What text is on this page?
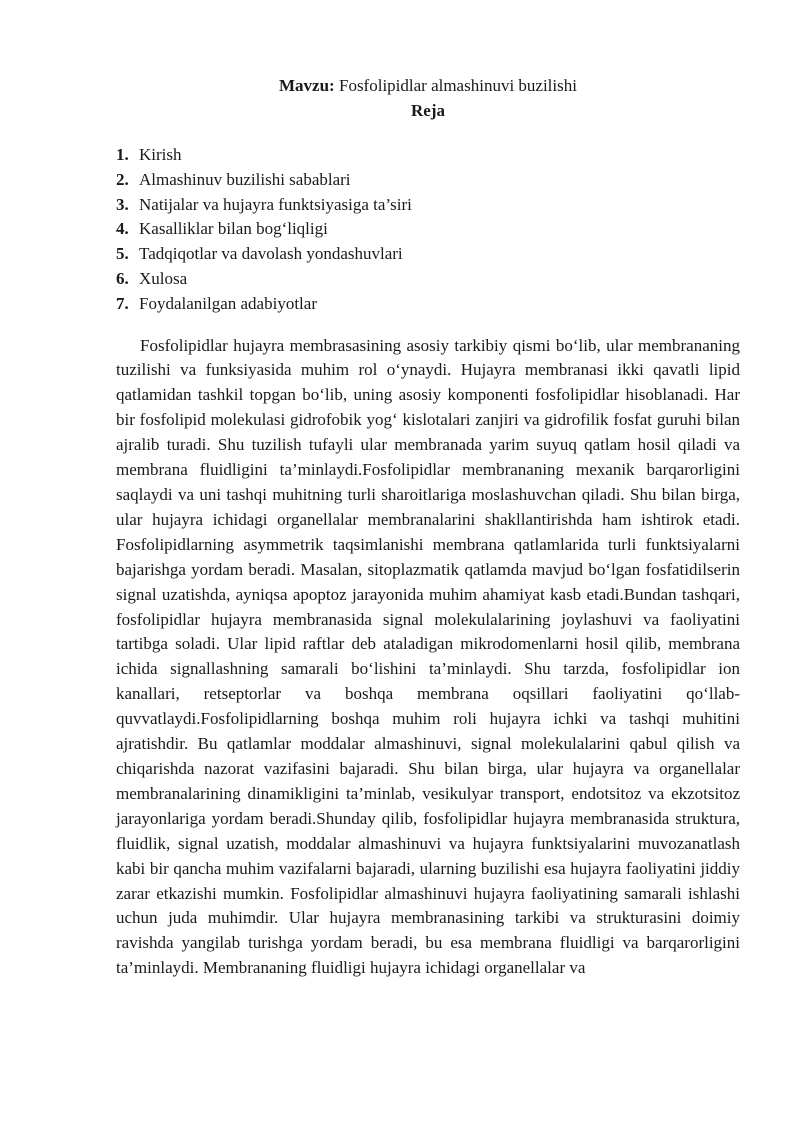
Mavzu: Fosfolipidlar almashinuvi buzilishi

Reja

1. Kirish
2. Almashinuv buzilishi sabablari
3. Natijalar va hujayra funktsiyasiga ta’siri
4. Kasalliklar bilan bog‘liqligi
5. Tadqiqotlar va davolash yondashuvlari
6. Xulosa
7. Foydalanilgan adabiyotlar

Fosfolipidlar hujayra membrasasining asosiy tarkibiy qismi bo‘lib, ular membrananing tuzilishi va funksiyasida muhim rol o‘ynaydi. Hujayra membranasi ikki qavatli lipid qatlamidan tashkil topgan bo‘lib, uning asosiy komponenti fosfolipidlar hisoblanadi. Har bir fosfolipid molekulasi gidrofobik yog‘ kislotalari zanjiri va gidrofilik fosfat guruhi bilan ajralib turadi. Shu tuzilish tufayli ular membranada yarim suyuq qatlam hosil qiladi va membrana fluidligini ta’minlaydi.Fosfolipidlar membrananing mexanik barqarorligini saqlaydi va uni tashqi muhitning turli sharoitlariga moslashuvchan qiladi. Shu bilan birga, ular hujayra ichidagi organellalar membranalarini shakllantirishda ham ishtirok etadi. Fosfolipidlarning asymmetrik taqsimlanishi membrana qatlamlarida turli funktsiyalarni bajarishga yordam beradi. Masalan, sitoplazmatik qatlamda mavjud bo‘lgan fosfatidilserin signal uzatishda, ayniqsa apoptoz jarayonida muhim ahamiyat kasb etadi.Bundan tashqari, fosfolipidlar hujayra membranasida signal molekulalarining joylashuvi va faoliyatini tartibga soladi. Ular lipid raftlar deb ataladigan mikrodomenlarni hosil qilib, membrana ichida signallashning samarali bo‘lishini ta’minlaydi. Shu tarzda, fosfolipidlar ion kanallari, retseptorlar va boshqa membrana oqsillari faoliyatini qo‘llab-quvvatlaydi.Fosfolipidlarning boshqa muhim roli hujayra ichki va tashqi muhitini ajratishdir. Bu qatlamlar moddalar almashinuvi, signal molekulalarini qabul qilish va chiqarishda nazorat vazifasini bajaradi. Shu bilan birga, ular hujayra va organellalar membranalarining dinamikligini ta’minlab, vesikulyar transport, endotsitoz va ekzotsitoz jarayonlariga yordam beradi.Shunday qilib, fosfolipidlar hujayra membranasida struktura, fluidlik, signal uzatish, moddalar almashinuvi va hujayra funktsiyalarini muvozanatlash kabi bir qancha muhim vazifalarni bajaradi, ularning buzilishi esa hujayra faoliyatini jiddiy zarar etkazishi mumkin. Fosfolipidlar almashinuvi hujayra faoliyatining samarali ishlashi uchun juda muhimdir. Ular hujayra membranasining tarkibi va strukturasini doimiy ravishda yangilab turishga yordam beradi, bu esa membrana fluidligi va barqarorligini ta’minlaydi. Membrananing fluidligi hujayra ichidagi organellalar va
